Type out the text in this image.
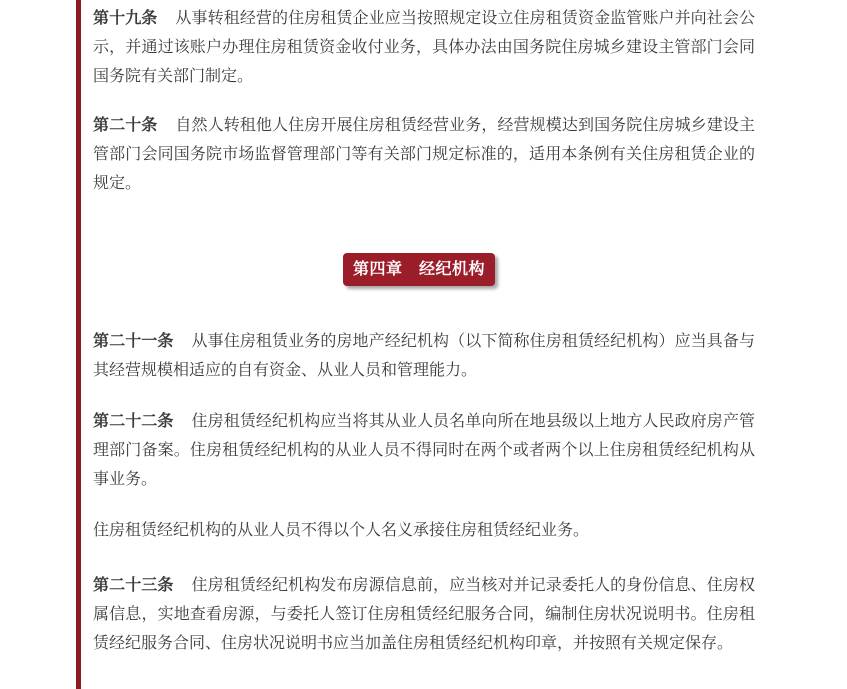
第十九条 从事转租经营的住房租赁企业应当按照规定设立住房租赁资金监管账户并向社会公示，并通过该账户办理住房租赁资金收付业务，具体办法由国务院住房城乡建设主管部门会同国务院有关部门制定。

第二十条 自然人转租他人住房开展住房租赁经营业务，经营规模达到国务院住房城乡建设主管部门会同国务院市场监督管理部门等有关部门规定标准的，适用本条例有关住房租赁企业的规定。

第四章　经纪机构

第二十一条 从事住房租赁业务的房地产经纪机构（以下简称住房租赁经纪机构）应当具备与其经营规模相适应的自有资金、从业人员和管理能力。

第二十二条 住房租赁经纪机构应当将其从业人员名单向所在地县级以上地方人民政府房产管理部门备案。住房租赁经纪机构的从业人员不得同时在两个或者两个以上住房租赁经纪机构从事业务。

住房租赁经纪机构的从业人员不得以个人名义承接住房租赁经纪业务。

第二十三条 住房租赁经纪机构发布房源信息前，应当核对并记录委托人的身份信息、住房权属信息，实地查看房源，与委托人签订住房租赁经纪服务合同，编制住房状况说明书。住房租赁经纪服务合同、住房状况说明书应当加盖住房租赁经纪机构印章，并按照有关规定保存。
